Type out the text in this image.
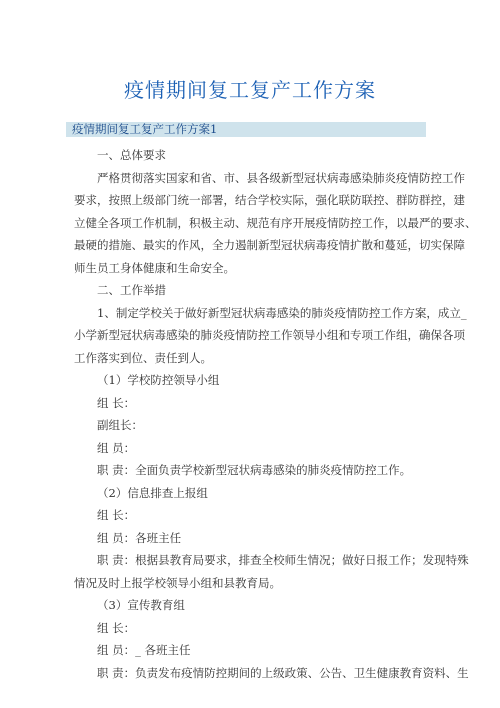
疫情期间复工复产工作方案
疫情期间复工复产工作方案1
一、总体要求
严格贯彻落实国家和省、市、县各级新型冠状病毒感染肺炎疫情防控工作
要求，按照上级部门统一部署，结合学校实际，强化联防联控、群防群控，建
立健全各项工作机制，积极主动、规范有序开展疫情防控工作，以最严的要求、
最硬的措施、最实的作风，全力遏制新型冠状病毒疫情扩散和蔓延，切实保障
师生员工身体健康和生命安全。
二、工作举措
1、制定学校关于做好新型冠状病毒感染的肺炎疫情防控工作方案，成立_
小学新型冠状病毒感染的肺炎疫情防控工作领导小组和专项工作组，确保各项
工作落实到位、责任到人。
（1）学校防控领导小组
组 长：
副组长：
组 员：
职 责：全面负责学校新型冠状病毒感染的肺炎疫情防控工作。
（2）信息排查上报组
组 长：
组 员：各班主任
职 责：根据县教育局要求，排查全校师生情况；做好日报工作；发现特殊
情况及时上报学校领导小组和县教育局。
（3）宣传教育组
组 长：
组 员：_ 各班主任
职 责：负责发布疫情防控期间的上级政策、公告、卫生健康教育资料、生
